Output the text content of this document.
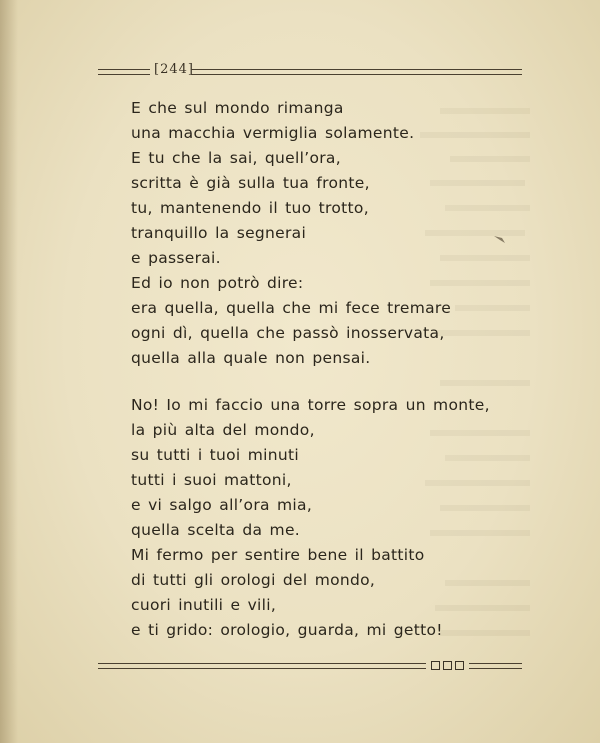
[244]
E che sul mondo rimanga
una macchia vermiglia solamente.
E tu che la sai, quell’ora,
scritta è già sulla tua fronte,
tu, mantenendo il tuo trotto,
tranquillo la segnerai
e passerai.
Ed io non potrò dire:
era quella, quella che mi fece tremare
ogni dì, quella che passò inosservata,
quella alla quale non pensai.
No! Io mi faccio una torre sopra un monte,
la più alta del mondo,
su tutti i tuoi minuti
tutti i suoi mattoni,
e vi salgo all’ora mia,
quella scelta da me.
Mi fermo per sentire bene il battito
di tutti gli orologi del mondo,
cuori inutili e vili,
e ti grido: orologio, guarda, mi getto!
